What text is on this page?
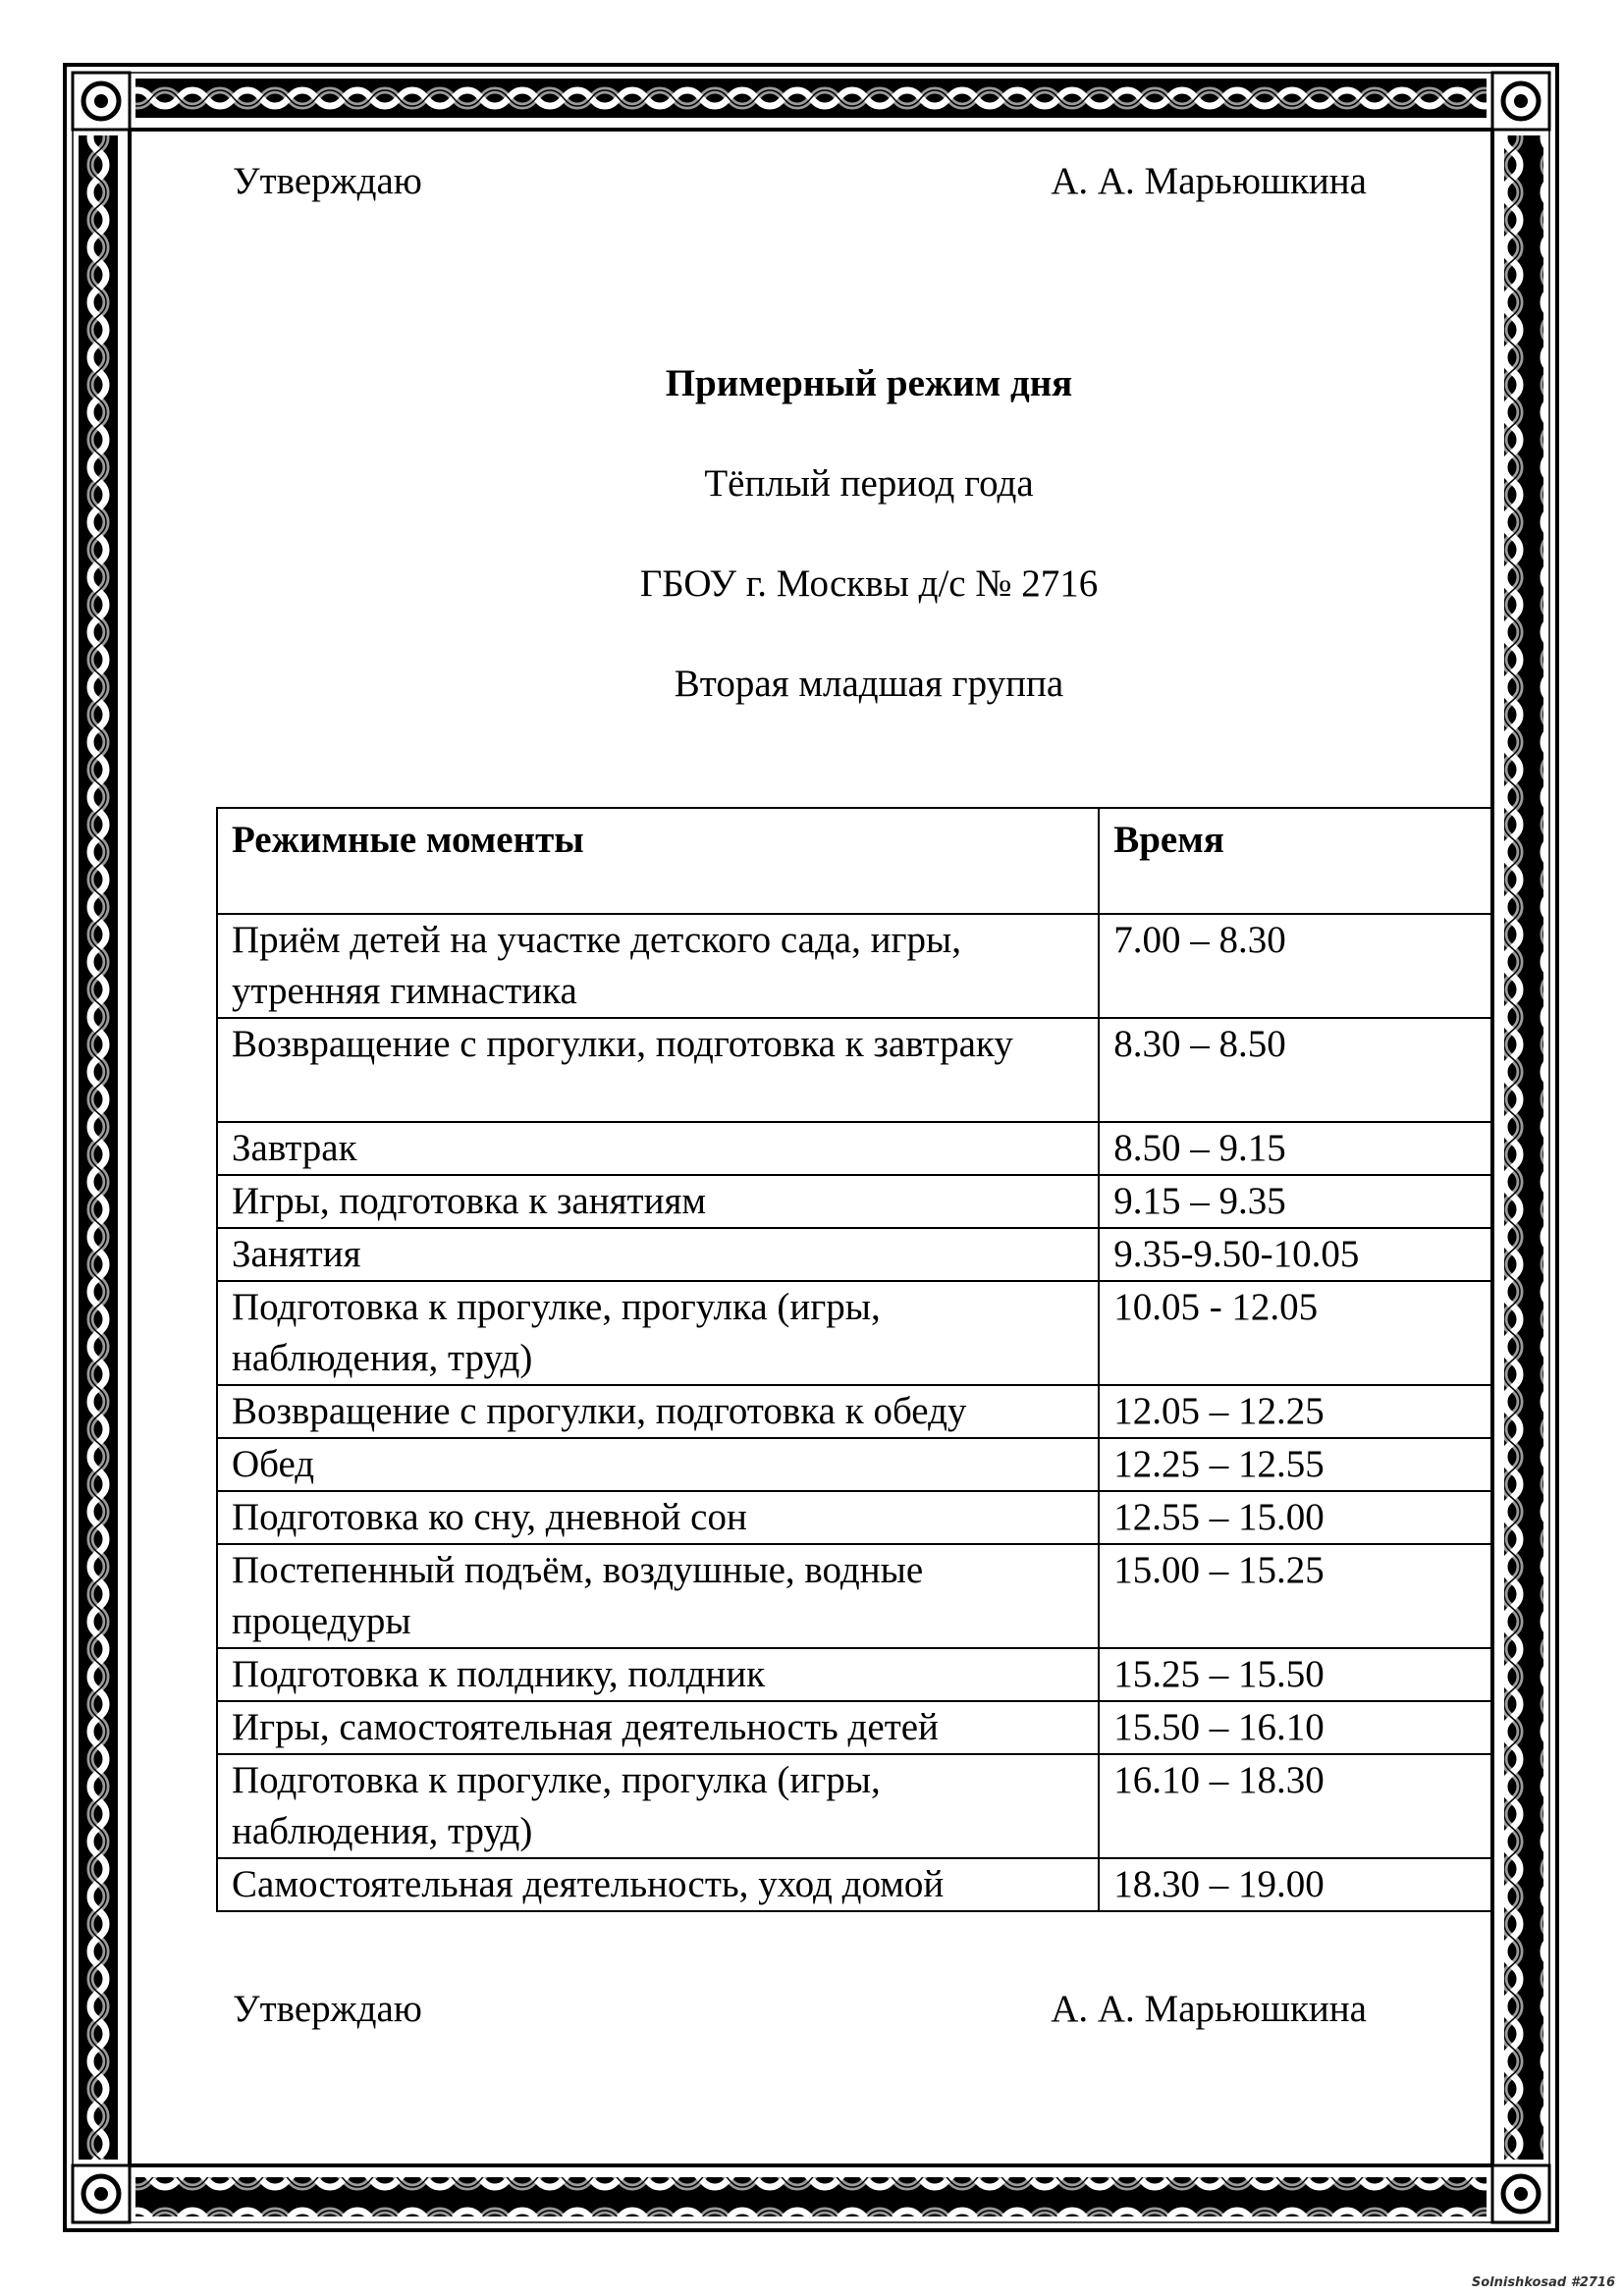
Утверждаю	А. А. Марьюшкина
Примерный режим дня
Тёплый период года
ГБОУ г. Москвы д/с № 2716
Вторая младшая группа
Режимные моменты	Время
Приём детей на участке детского сада, игры, утренняя гимнастика	7.00 – 8.30
Возвращение с прогулки, подготовка к завтраку	8.30 – 8.50
Завтрак	8.50 – 9.15
Игры, подготовка к занятиям	9.15 – 9.35
Занятия	9.35-9.50-10.05
Подготовка к прогулке, прогулка (игры, наблюдения, труд)	10.05 - 12.05
Возвращение с прогулки, подготовка к обеду	12.05 – 12.25
Обед	12.25 – 12.55
Подготовка ко сну, дневной сон	12.55 – 15.00
Постепенный подъём, воздушные, водные процедуры	15.00 – 15.25
Подготовка к полднику, полдник	15.25 – 15.50
Игры, самостоятельная деятельность детей	15.50 – 16.10
Подготовка к прогулке, прогулка (игры, наблюдения, труд)	16.10 – 18.30
Самостоятельная деятельность, уход домой	18.30 – 19.00
Утверждаю	А. А. Марьюшкина
Solnishkosad #2716
